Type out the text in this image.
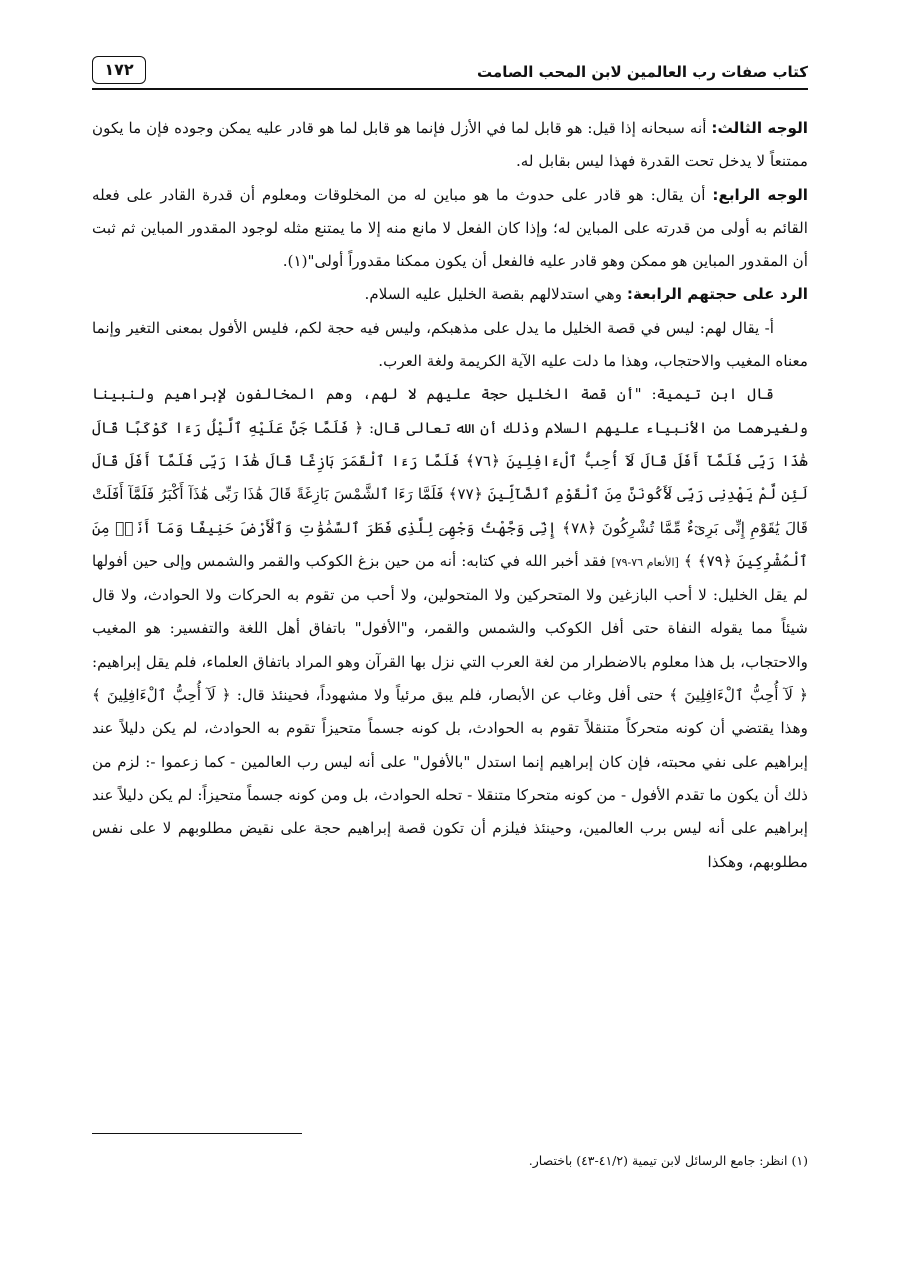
كتاب صفات رب العالمين لابن المحب الصامت
١٧٢

الوجه الثالث: أنه سبحانه إذا قيل: هو قابل لما في الأزل فإنما هو قابل لما هو قادر عليه يمكن وجوده فإن ما يكون ممتنعاً لا يدخل تحت القدرة فهذا ليس بقابل له.

الوجه الرابع: أن يقال: هو قادر على حدوث ما هو مباين له من المخلوقات ومعلوم أن قدرة القادر على فعله القائم به أولى من قدرته على المباين له؛ وإذا كان الفعل لا مانع منه إلا ما يمتنع مثله لوجود المقدور المباين ثم ثبت أن المقدور المباين هو ممكن وهو قادر عليه فالفعل أن يكون ممكنا مقدوراً أولى"(١).

الرد على حجتهم الرابعة: وهي استدلالهم بقصة الخليل عليه السلام.

أ- يقال لهم: ليس في قصة الخليل ما يدل على مذهبكم، وليس فيه حجة لكم، فليس الأفول بمعنى التغير وإنما معناه المغيب والاحتجاب، وهذا ما دلت عليه الآية الكريمة ولغة العرب.

قال ابن تيمية: "أن قصة الخليل حجة عليهم لا لهم، وهم المخالفون لإبراهيم ولنبينا ولغيرهما من الأنبياء عليهم السلام وذلك أن الله تعالى قال: ﴿ فَلَمَّا جَنَّ عَلَيْهِ ٱلَّيْلُ رَءَا كَوْكَبًا قَالَ هَٰذَا رَبِّى فَلَمَّآ أَفَلَ قَالَ لَآ أُحِبُّ ٱلْءَافِلِينَ ﴿٧٦﴾ فَلَمَّا رَءَا ٱلْقَمَرَ بَازِغًا قَالَ هَٰذَا رَبِّى فَلَمَّآ أَفَلَ قَالَ لَئِن لَّمْ يَهْدِنِى رَبِّى لَأَكُونَنَّ مِنَ ٱلْقَوْمِ ٱلضَّآلِّينَ ﴿٧٧﴾ فَلَمَّا رَءَا ٱلشَّمْسَ بَازِغَةً قَالَ هَٰذَا رَبِّى هَٰذَآ أَكْبَرُ فَلَمَّآ أَفَلَتْ قَالَ يَٰقَوْمِ إِنِّى بَرِىٓءٌ مِّمَّا تُشْرِكُونَ ﴿٧٨﴾ إِنِّى وَجَّهْتُ وَجْهِىَ لِلَّذِى فَطَرَ ٱلسَّمَٰوَٰتِ وَٱلْأَرْضَ حَنِيفًا وَمَآ أَنَا۠ مِنَ ٱلْمُشْرِكِينَ ﴿٧٩﴾ ﴾ [الأنعام ٧٦-٧٩] فقد أخبر الله في كتابه: أنه من حين بزغ الكوكب والقمر والشمس وإلى حين أفولها لم يقل الخليل: لا أحب البازغين ولا المتحركين ولا المتحولين، ولا أحب من تقوم به الحركات ولا الحوادث، ولا قال شيئاً مما يقوله النفاة حتى أفل الكوكب والشمس والقمر، و"الأفول" باتفاق أهل اللغة والتفسير: هو المغيب والاحتجاب، بل هذا معلوم بالاضطرار من لغة العرب التي نزل بها القرآن وهو المراد باتفاق العلماء، فلم يقل إبراهيم: ﴿ لَآ أُحِبُّ ٱلْءَافِلِينَ ﴾ حتى أفل وغاب عن الأبصار، فلم يبق مرئياً ولا مشهوداً، فحينئذ قال: ﴿ لَآ أُحِبُّ ٱلْءَافِلِينَ ﴾ وهذا يقتضي أن كونه متحركاً متنقلاً تقوم به الحوادث، بل كونه جسماً متحيزاً تقوم به الحوادث، لم يكن دليلاً عند إبراهيم على نفي محبته، فإن كان إبراهيم إنما استدل "بالأفول" على أنه ليس رب العالمين - كما زعموا -: لزم من ذلك أن يكون ما تقدم الأفول - من كونه متحركا متنقلا - تحله الحوادث، بل ومن كونه جسماً متحيزاً: لم يكن دليلاً عند إبراهيم على أنه ليس برب العالمين، وحينئذ فيلزم أن تكون قصة إبراهيم حجة على نقيض مطلوبهم لا على نفس مطلوبهم، وهكذا

(١) انظر: جامع الرسائل لابن تيمية (٤١/٢-٤٣) باختصار.
